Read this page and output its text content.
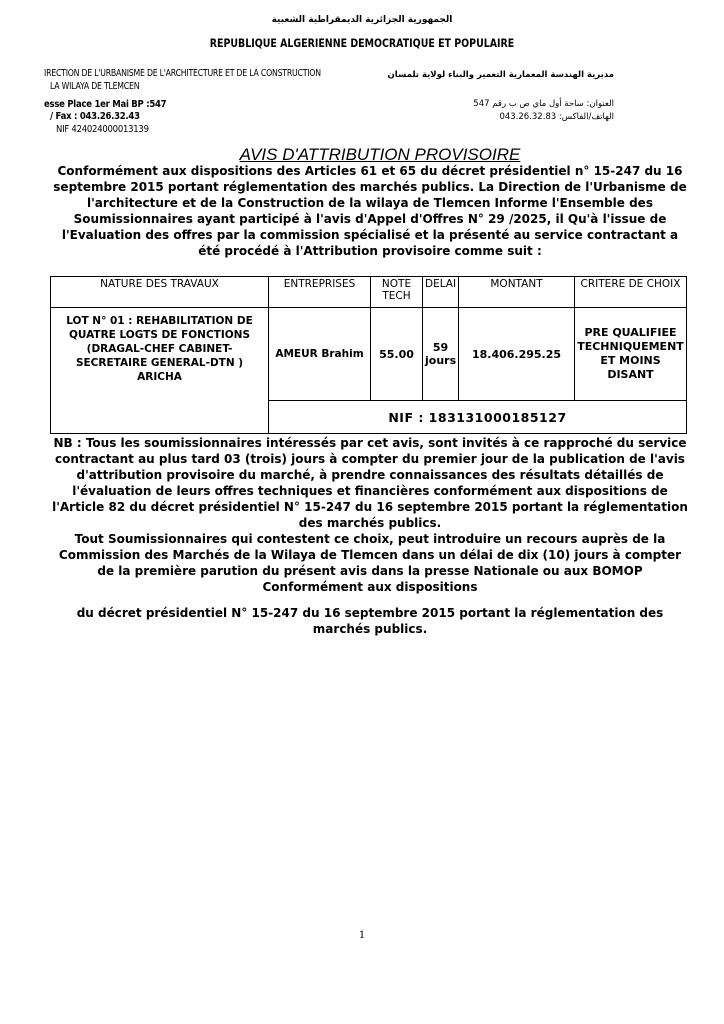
الجمهورية الجزائرية الديمقراطية الشعبية
REPUBLIQUE ALGERIENNE DEMOCRATIQUE ET POPULAIRE
IRECTION DE L'URBANISME DE L'ARCHITECTURE ET DE LA CONSTRUCTION
LA WILAYA DE TLEMCEN
esse Place 1er Mai BP :547
/ Fax : 043.26.32.43
NIF 424024000013139
مديرية الهندسة المعمارية التعمير والبناء لولاية تلمسان
العنوان: ساحة أول ماي ص ب رقم 547
الهاتف/الفاكس: 043.26.32.83
AVIS D'ATTRIBUTION PROVISOIRE

Conformément aux dispositions des Articles 61 et 65 du décret présidentiel n° 15-247 du 16 septembre 2015 portant réglementation des marchés publics. La Direction de l'Urbanisme de l'architecture et de la Construction de la wilaya de Tlemcen Informe l'Ensemble des Soumissionnaires ayant participé à l'avis d'Appel d'Offres N° 29 /2025, il Qu'à l'issue de l'Evaluation des offres par la commission spécialisé et la présenté au service contractant a été procédé à l'Attribution provisoire comme suit :

NATURE DES TRAVAUX	ENTREPRISES	NOTE TECH	DELAI	MONTANT	CRITERE DE CHOIX
LOT N° 01 : REHABILITATION DE QUATRE LOGTS DE FONCTIONS (DRAGAL-CHEF CABINET-SECRETAIRE GENERAL-DTN ) ARICHA	AMEUR Brahim	55.00	59 jours	18.406.295.25	PRE QUALIFIEE TECHNIQUEMENT ET MOINS DISANT
	NIF : 183131000185127				

NB : Tous les soumissionnaires intéressés par cet avis, sont invités à ce rapproché du service contractant au plus tard 03 (trois) jours à compter du premier jour de la publication de l'avis d'attribution provisoire du marché, à prendre connaissances des résultats détaillés de l'évaluation de leurs offres techniques et financières conformément aux dispositions de l'Article 82 du décret présidentiel N° 15-247 du 16 septembre 2015 portant la réglementation des marchés publics.

Tout Soumissionnaires qui contestent ce choix, peut introduire un recours auprès de la Commission des Marchés de la Wilaya de Tlemcen dans un délai de dix (10) jours à compter de la première parution du présent avis dans la presse Nationale ou aux BOMOP Conformément aux dispositions

du décret présidentiel N° 15-247 du 16 septembre 2015 portant la réglementation des marchés publics.

1
